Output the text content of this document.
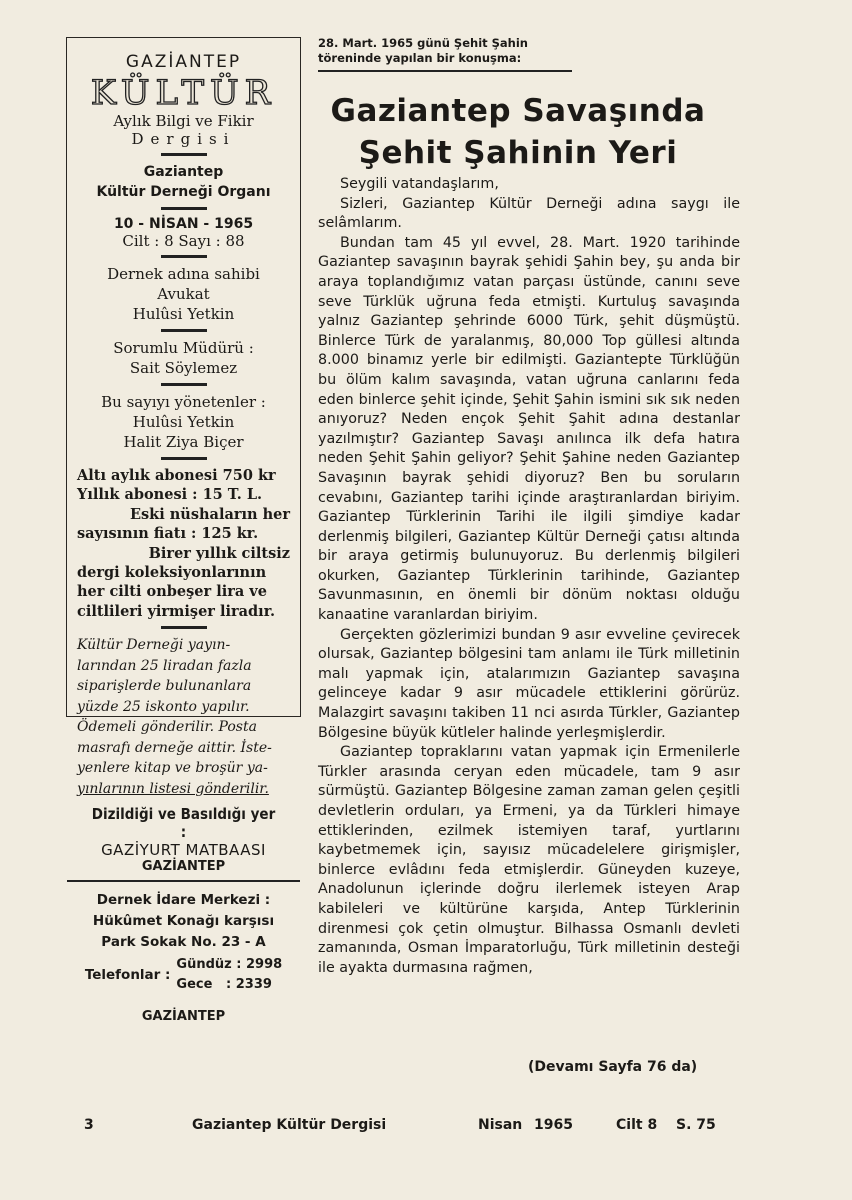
GAZİANTEP
KÜLTÜR
Aylık Bilgi ve Fikir
Dergisi
Gaziantep
Kültür Derneği Organı
10 - NİSAN - 1965
Cilt : 8 Sayı : 88
Dernek adına sahibi
Avukat
Hulûsi Yetkin
Sorumlu Müdürü :
Sait Söylemez
Bu sayıyı yönetenler :
Hulûsi Yetkin
Halit Ziya Biçer
Altı aylık abonesi 750 kr
Yıllık abonesi : 15 T. L.
Eski nüshaların her
sayısının fiatı : 125 kr.
Birer yıllık ciltsiz
dergi koleksiyonlarının
her cilti onbeşer lira ve
ciltlileri yirmişer liradır.
Kültür Derneği yayın-
larından 25 liradan fazla
siparişlerde bulunanlara
yüzde 25 iskonto yapılır.
Ödemeli gönderilir. Posta
masrafı derneğe aittir. İste-
yenlere kitap ve broşür ya-
yınlarının listesi gönderilir.
Dizildiği ve Basıldığı yer :
GAZİYURT MATBAASI
GAZİANTEP
Dernek İdare Merkezi :
Hükûmet Konağı karşısı
Park Sokak No. 23 - A
Telefonlar :
Gündüz : 2998
Gece   : 2339
GAZİANTEP
28. Mart. 1965 günü Şehit Şahin
töreninde yapılan bir konuşma:
Gaziantep Savaşında
Şehit Şahinin Yeri

Seygili vatandaşlarım,

Sizleri, Gaziantep Kültür Derneği adına saygı ile selâmlarım.

Bundan tam 45 yıl evvel, 28. Mart. 1920 tarihinde Gaziantep savaşının bayrak şehidi Şahin bey, şu anda bir araya toplandığımız vatan parçası üstünde, canını seve seve Türklük uğruna feda etmişti. Kurtuluş savaşında yalnız Gaziantep şehrinde 6000 Türk, şehit düşmüştü. Binlerce Türk de yaralanmış, 80,000 Top güllesi altında 8.000 binamız yerle bir edilmişti. Gaziantepte Türklüğün bu ölüm kalım savaşında, vatan uğruna canlarını feda eden binlerce şehit içinde, Şehit Şahin ismini sık sık neden anıyoruz? Neden ençok Şehit Şahit adına destanlar yazılmıştır? Gaziantep Savaşı anılınca ilk defa hatıra neden Şehit Şahin geliyor? Şehit Şahine neden Gaziantep Savaşının bayrak şehidi diyoruz? Ben bu soruların cevabını, Gaziantep tarihi içinde araştıranlardan biriyim. Gaziantep Türklerinin Tarihi ile ilgili şimdiye kadar derlenmiş bilgileri, Gaziantep Kültür Derneği çatısı altında bir araya getirmiş bulunuyoruz. Bu derlenmiş bilgileri okurken, Gaziantep Türklerinin tarihinde, Gaziantep Savunmasının, en önemli bir dönüm noktası olduğu kanaatine varanlardan biriyim.

Gerçekten gözlerimizi bundan 9 asır evveline çevirecek olursak, Gaziantep bölgesini tam anlamı ile Türk milletinin malı yapmak için, atalarımızın Gaziantep savaşına gelinceye kadar 9 asır mücadele ettiklerini görürüz. Malazgirt savaşını takiben 11 nci asırda Türkler, Gaziantep Bölgesine büyük kütleler halinde yerleşmişlerdir.

Gaziantep topraklarını vatan yapmak için Ermenilerle Türkler arasında ceryan eden mücadele, tam 9 asır sürmüştü. Gaziantep Bölgesine zaman zaman gelen çeşitli devletlerin orduları, ya Ermeni, ya da Türkleri himaye ettiklerinden, ezilmek istemiyen taraf, yurtlarını kaybetmemek için, sayısız mücadelelere girişmişler, binlerce evlâdını feda etmişlerdir. Güneyden kuzeye, Anadolunun içlerinde doğru ilerlemek isteyen Arap kabileleri ve kültürüne karşıda, Antep Türklerinin direnmesi çok çetin olmuştur. Bilhassa Osmanlı devleti zamanında, Osman İmparatorluğu, Türk milletinin desteği ile ayakta durmasına rağmen,

(Devamı Sayfa 76 da)
3	Gaziantep Kültür Dergisi	Nisan 1965	Cilt 8 S. 75
